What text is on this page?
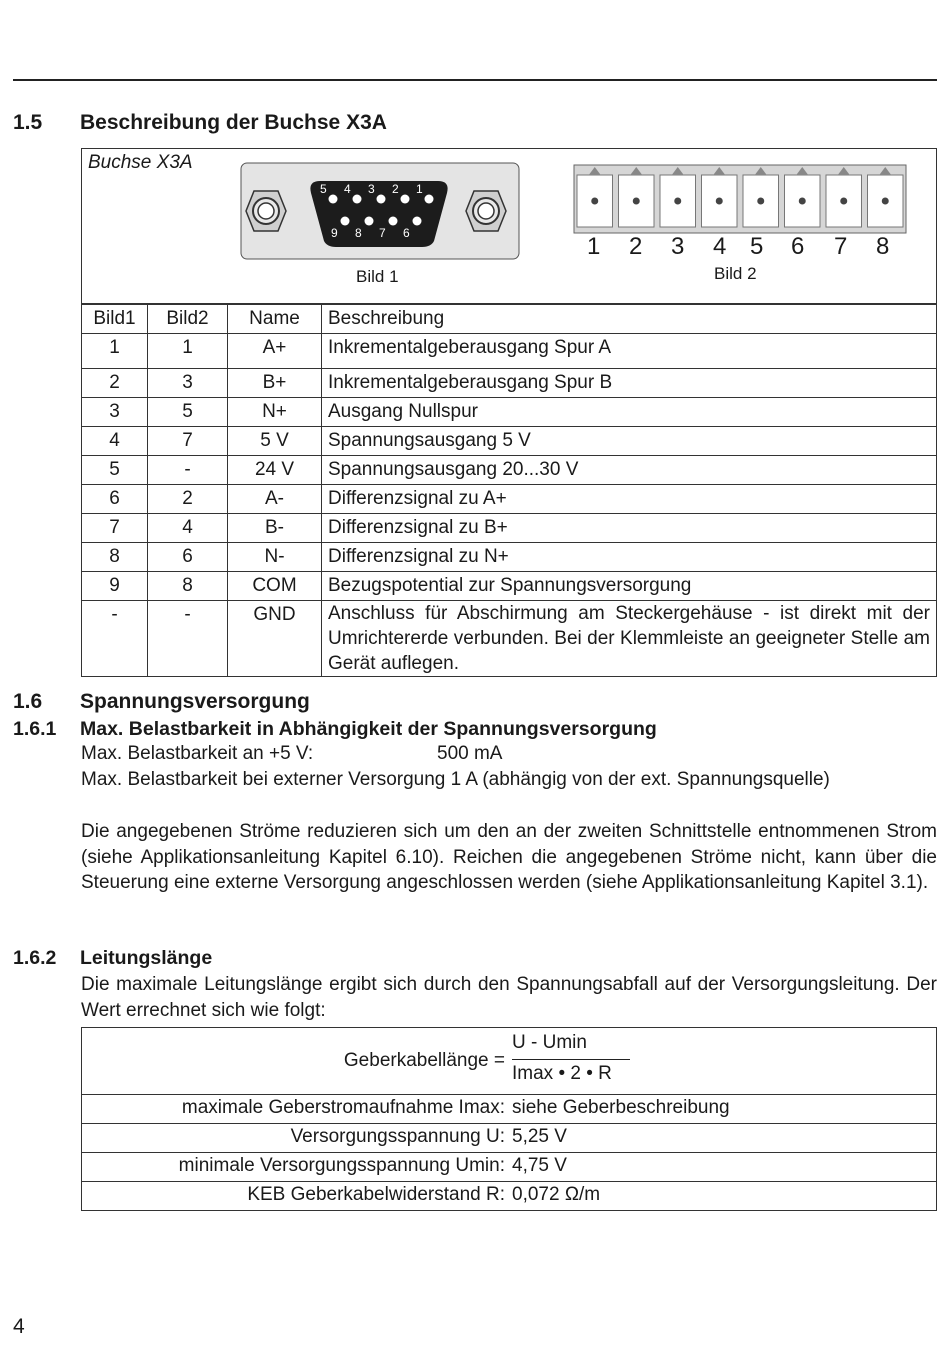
1.5 Beschreibung der Buchse X3A
Buchse X3A
5 4 3 2 1
9 8 7 6
Bild 1
1 2 3 4 5 6 7 8
Bild 2
Bild1	Bild2	Name	Beschreibung
1	1	A+	Inkrementalgeberausgang Spur A
2	3	B+	Inkrementalgeberausgang Spur B
3	5	N+	Ausgang Nullspur
4	7	5 V	Spannungsausgang 5 V
5	-	24 V	Spannungsausgang 20...30 V
6	2	A-	Differenzsignal zu A+
7	4	B-	Differenzsignal zu B+
8	6	N-	Differenzsignal zu N+
9	8	COM	Bezugspotential zur Spannungsversorgung
-	-	GND	Anschluss für Abschirmung am Steckergehäuse - ist direkt mit der Umrichtererde verbunden. Bei der Klemmleiste an geeigneter Stelle am Gerät auflegen.
1.6 Spannungsversorgung
1.6.1 Max. Belastbarkeit in Abhängigkeit der Spannungsversorgung
Max. Belastbarkeit an +5 V:	500 mA
Max. Belastbarkeit bei externer Versorgung 1 A (abhängig von der ext. Spannungsquelle)
Die angegebenen Ströme reduzieren sich um den an der zweiten Schnittstelle entnommenen Strom (siehe Applikationsanleitung Kapitel 6.10). Reichen die angegebenen Ströme nicht, kann über die Steuerung eine externe Versorgung angeschlossen werden (siehe Applikationsanleitung Kapitel 3.1).
1.6.2 Leitungslänge
Die maximale Leitungslänge ergibt sich durch den Spannungsabfall auf der Versorgungsleitung. Der Wert errechnet sich wie folgt:
Geberkabellänge =
U - Umin
Imax • 2 • R
maximale Geberstromaufnahme Imax: siehe Geberbeschreibung
Versorgungsspannung U: 5,25 V
minimale Versorgungsspannung Umin: 4,75 V
KEB Geberkabelwiderstand R: 0,072 Ω/m
4
